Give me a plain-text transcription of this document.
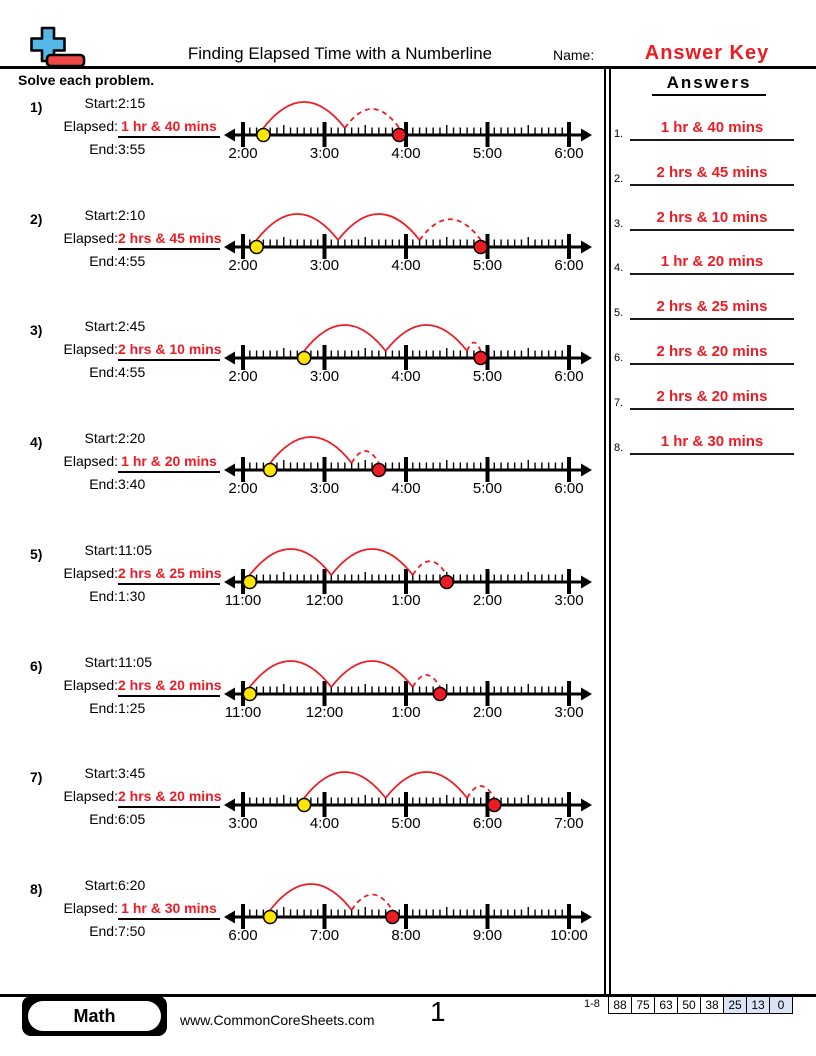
Finding Elapsed Time with a Numberline	Name:	Answer Key
Solve each problem.	Answers
1.	1 hr & 40 mins
2.	2 hrs & 45 mins
3.	2 hrs & 10 mins
4.	1 hr & 20 mins
5.	2 hrs & 25 mins
6.	2 hrs & 20 mins
7.	2 hrs & 20 mins
8.	1 hr & 30 mins
1)	Start:2:15
Elapsed: 1 hr & 40 mins
End:3:55	2:00	3:00	4:00	5:00	6:00
2)	Start:2:10
Elapsed:2 hrs & 45 mins
End:4:55	2:00	3:00	4:00	5:00	6:00
3)	Start:2:45
Elapsed:2 hrs & 10 mins
End:4:55	2:00	3:00	4:00	5:00	6:00
4)	Start:2:20
Elapsed: 1 hr & 20 mins
End:3:40	2:00	3:00	4:00	5:00	6:00
5)	Start:11:05
Elapsed:2 hrs & 25 mins
End:1:30	11:00	12:00	1:00	2:00	3:00
6)	Start:11:05
Elapsed:2 hrs & 20 mins
End:1:25	11:00	12:00	1:00	2:00	3:00
7)	Start:3:45
Elapsed:2 hrs & 20 mins
End:6:05	3:00	4:00	5:00	6:00	7:00
8)	Start:6:20
Elapsed: 1 hr & 30 mins
End:7:50	6:00	7:00	8:00	9:00	10:00
Math	www.CommonCoreSheets.com 1	1-8	88 75 63 50 38 25 13	0
